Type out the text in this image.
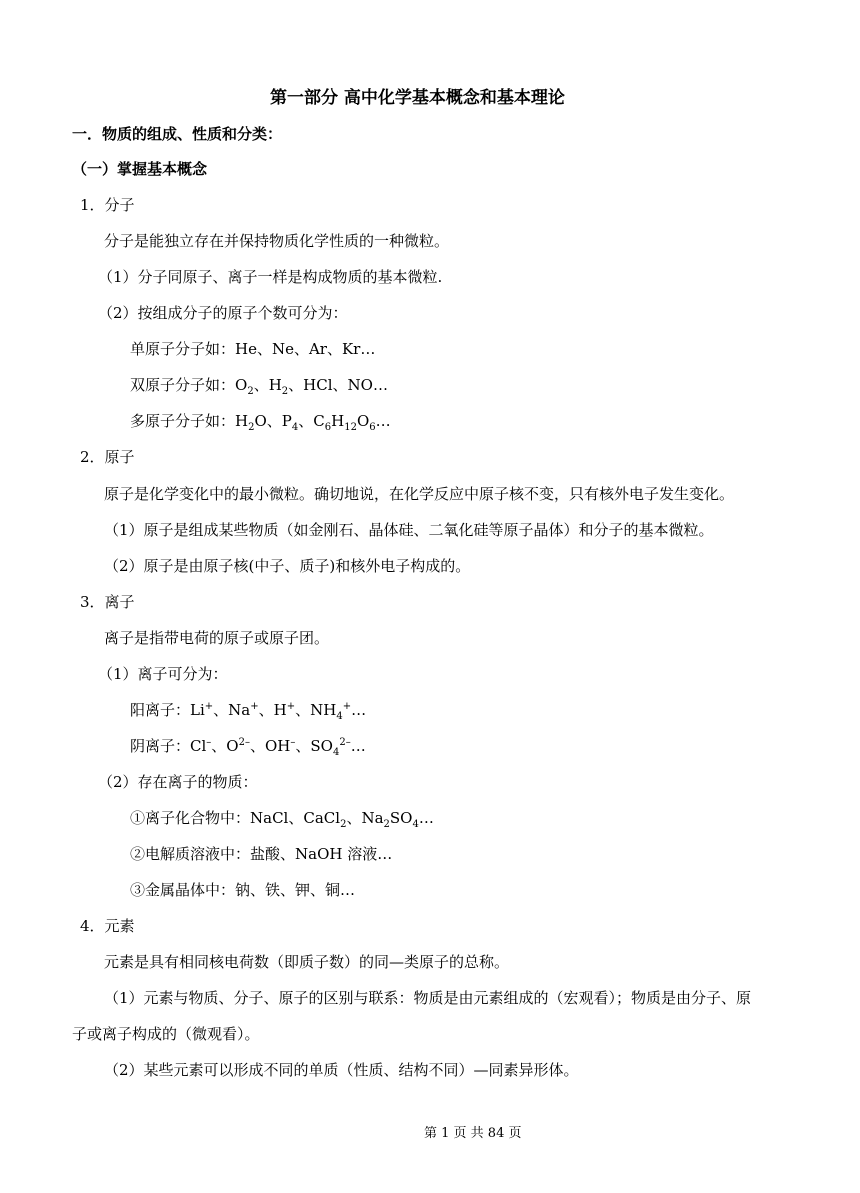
第一部分 高中化学基本概念和基本理论
一．物质的组成、性质和分类：
（一）掌握基本概念
1．分子
分子是能独立存在并保持物质化学性质的一种微粒。
（1）分子同原子、离子一样是构成物质的基本微粒.
（2）按组成分子的原子个数可分为：
单原子分子如：He、Ne、Ar、Kr…
双原子分子如：$O_2$、$H_2$、HCl、NO…
多原子分子如：$H_2O$、$P_4$、$C_6H_{12}O_6\dots$
2．原子
原子是化学变化中的最小微粒。确切地说，在化学反应中原子核不变，只有核外电子发生变化。
（1）原子是组成某些物质（如金刚石、晶体硅、二氧化硅等原子晶体）和分子的基本微粒。
（2）原子是由原子核(中子、质子)和核外电子构成的。
3．离子
离子是指带电荷的原子或原子团。
（1）离子可分为：
阳离子：Li+、Na+、H+、$NH_4^+\dots$
阴离子：Cl–、$O^{2-}$、OH–、$SO_4^{2-}\dots$
（2）存在离子的物质：
①离子化合物中：NaCl、CaCl$_2$、$Na_2SO_4\dots$
②电解质溶液中：盐酸、NaOH 溶液…
③金属晶体中：钠、铁、钾、铜…
4．元素
元素是具有相同核电荷数（即质子数）的同—类原子的总称。
（1）元素与物质、分子、原子的区别与联系：物质是由元素组成的（宏观看）；物质是由分子、原
子或离子构成的（微观看）。
（2）某些元素可以形成不同的单质（性质、结构不同）—同素异形体。
第 1 页 共 84 页
